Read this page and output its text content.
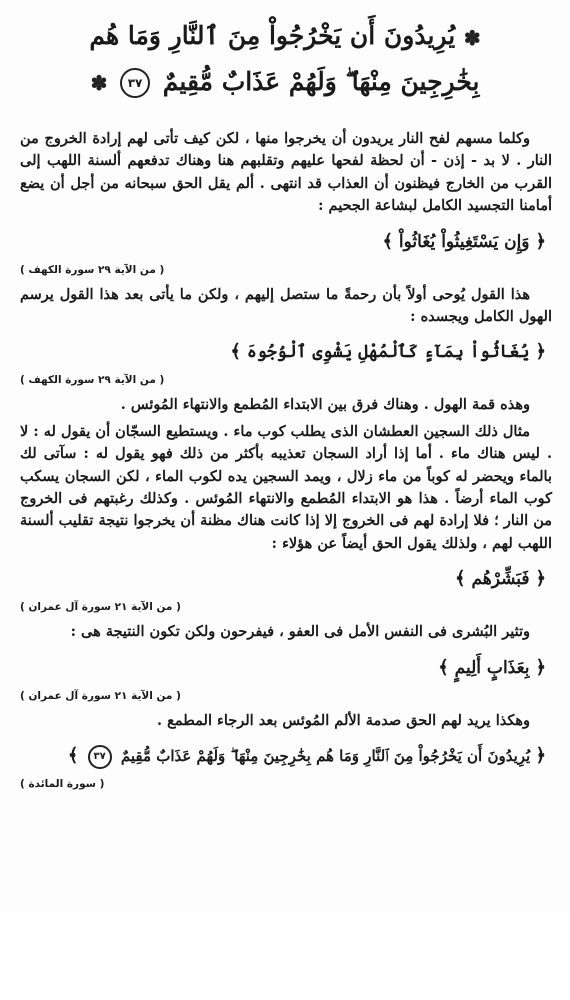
✽ يُرِيدُونَ أَن يَخْرُجُواْ مِنَ ٱلنَّارِ وَمَا هُم
بِخَٰرِجِينَ مِنْهَا ۖ وَلَهُمْ عَذَابٌ مُّقِيمٌ ٣٧ ✽

وكلما مسهم لفح النار يريدون أن يخرجوا منها ، لكن كيف تأتى لهم إرادة الخروج من النار . لا بد - إذن - أن لحظة لفحها عليهم وتقلبهم هنا وهناك تدفعهم ألسنة اللهب إلى القرب من الخارج فيظنون أن العذاب قد انتهى . ألم يقل الحق سبحانه من أجل أن يضع أمامنا التجسيد الكامل لبشاعة الجحيم :

﴿ وَإِن يَسْتَغِيثُواْ يُغَاثُواْ ﴾
( من الآية ٢٩ سورة الكهف )

هذا القول يُوحى أولاً بأن رحمةً ما ستصل إليهم ، ولكن ما يأتى بعد هذا القول يرسم الهول الكامل ويجسده :

﴿ يُغَاثُواْ بِمَآءٍ كَٱلْمُهْلِ يَشْوِى ٱلْوُجُوهَ ﴾
( من الآية ٢٩ سورة الكهف )

وهذه قمة الهول . وهناك فرق بين الابتداء المُطمع والانتهاء المُوئس .

مثال ذلك السجين العطشان الذى يطلب كوب ماء . ويستطيع السجّان أن يقول له : لا . ليس هناك ماء . أما إذا أراد السجان تعذيبه بأكثر من ذلك فهو يقول له : سآتى لك بالماء ويحضر له كوباً من ماء زلال ، ويمد السجين يده لكوب الماء ، لكن السجان يسكب كوب الماء أرضاً . هذا هو الابتداء المُطمع والانتهاء المُوئس . وكذلك رغبتهم فى الخروج من النار ؛ فلا إرادة لهم فى الخروج إلا إذا كانت هناك مظنة أن يخرجوا نتيجة تقليب ألسنة اللهب لهم ، ولذلك يقول الحق أيضاً عن هؤلاء :

﴿ فَبَشِّرْهُم ﴾
( من الآية ٢١ سورة آل عمران )

وتثير البُشرى فى النفس الأمل فى العفو ، فيفرحون ولكن تكون النتيجة هى :

﴿ بِعَذَابٍ أَلِيمٍ ﴾
( من الآية ٢١ سورة آل عمران )

وهكذا يريد لهم الحق صدمة الألم المُوئس بعد الرجاء المطمع .

﴿ يُرِيدُونَ أَن يَخْرُجُواْ مِنَ ٱلنَّارِ وَمَا هُم بِخَٰرِجِينَ مِنْهَا ۖ وَلَهُمْ عَذَابٌ مُّقِيمٌ ٣٧ ﴾
( سورة المائدة )
